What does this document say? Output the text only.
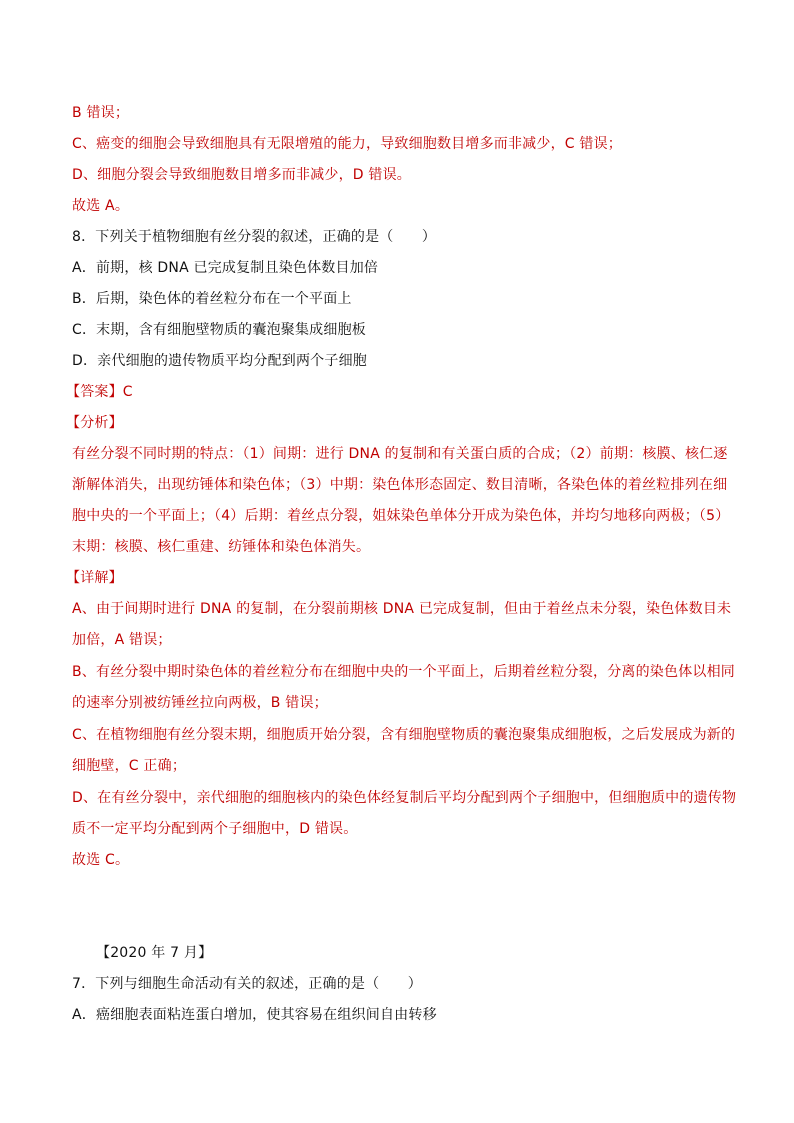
B 错误；
C、癌变的细胞会导致细胞具有无限增殖的能力，导致细胞数目增多而非减少，C 错误；
D、细胞分裂会导致细胞数目增多而非减少，D 错误。
故选 A。
8．下列关于植物细胞有丝分裂的叙述，正确的是（　　）
A．前期，核 DNA 已完成复制且染色体数目加倍
B．后期，染色体的着丝粒分布在一个平面上
C．末期，含有细胞壁物质的囊泡聚集成细胞板
D．亲代细胞的遗传物质平均分配到两个子细胞
【答案】C
【分析】
有丝分裂不同时期的特点：（1）间期：进行 DNA 的复制和有关蛋白质的合成；（2）前期：核膜、核仁逐
渐解体消失，出现纺锤体和染色体；（3）中期：染色体形态固定、数目清晰，各染色体的着丝粒排列在细
胞中央的一个平面上；（4）后期：着丝点分裂，姐妹染色单体分开成为染色体，并均匀地移向两极；（5）
末期：核膜、核仁重建、纺锤体和染色体消失。
【详解】
A、由于间期时进行 DNA 的复制，在分裂前期核 DNA 已完成复制，但由于着丝点未分裂，染色体数目未
加倍，A 错误；
B、有丝分裂中期时染色体的着丝粒分布在细胞中央的一个平面上，后期着丝粒分裂，分离的染色体以相同
的速率分别被纺锤丝拉向两极，B 错误；
C、在植物细胞有丝分裂末期，细胞质开始分裂，含有细胞壁物质的囊泡聚集成细胞板，之后发展成为新的
细胞壁，C 正确；
D、在有丝分裂中，亲代细胞的细胞核内的染色体经复制后平均分配到两个子细胞中，但细胞质中的遗传物
质不一定平均分配到两个子细胞中，D 错误。
故选 C。
【2020 年 7 月】
7．下列与细胞生命活动有关的叙述，正确的是（　　）
A．癌细胞表面粘连蛋白增加，使其容易在组织间自由转移
